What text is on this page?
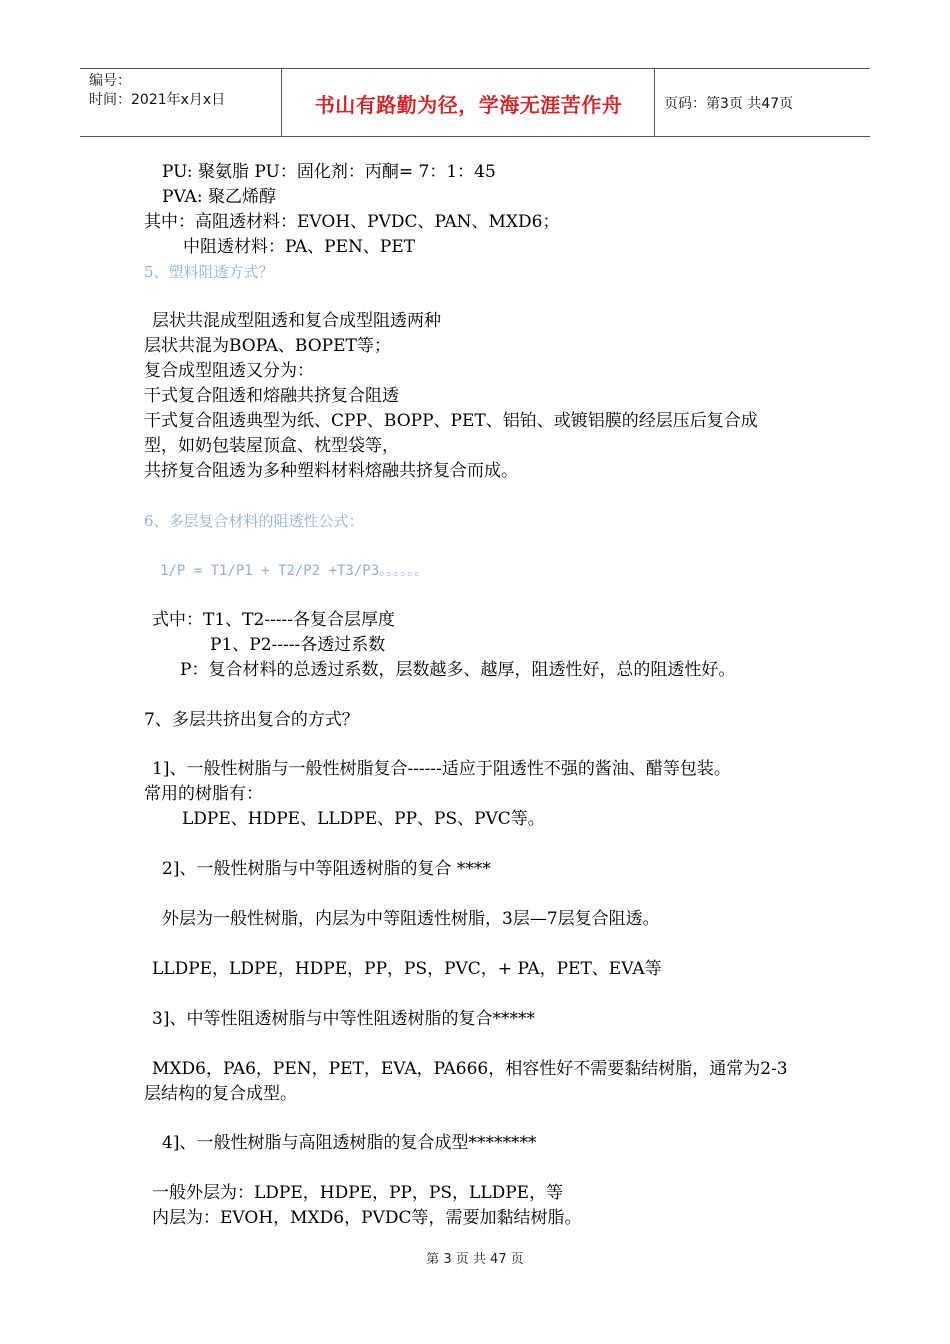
编号：
时间：2021年x月x日	书山有路勤为径，学海无涯苦作舟	页码：第3页 共47页
PU: 聚氨脂 PU：固化剂：丙酮= 7：1：45
PVA: 聚乙烯醇
其中：高阻透材料：EVOH、PVDC、PAN、MXD6；
中阻透材料：PA、PEN、PET
5、塑料阻透方式？
层状共混成型阻透和复合成型阻透两种
层状共混为BOPA、BOPET等；
复合成型阻透又分为：
干式复合阻透和熔融共挤复合阻透
干式复合阻透典型为纸、CPP、BOPP、PET、铝铂、或镀铝膜的经层压后复合成
型，如奶包装屋顶盒、枕型袋等，
共挤复合阻透为多种塑料材料熔融共挤复合而成。
6、多层复合材料的阻透性公式：
1/P = T1/P1 + T2/P2 +T3/P3。。。。。。
式中：T1、T2-----各复合层厚度
P1、P2-----各透过系数
P：复合材料的总透过系数，层数越多、越厚，阻透性好，总的阻透性好。
7、多层共挤出复合的方式？
1]、一般性树脂与一般性树脂复合------适应于阻透性不强的酱油、醋等包装。
常用的树脂有：
LDPE、HDPE、LLDPE、PP、PS、PVC等。
2]、一般性树脂与中等阻透树脂的复合 ****
外层为一般性树脂，内层为中等阻透性树脂，3层—7层复合阻透。
LLDPE，LDPE，HDPE，PP，PS，PVC，+ PA，PET、EVA等
3]、中等性阻透树脂与中等性阻透树脂的复合*****
MXD6，PA6，PEN，PET，EVA，PA666，相容性好不需要黏结树脂，通常为2-3
层结构的复合成型。
4]、一般性树脂与高阻透树脂的复合成型********
一般外层为：LDPE，HDPE，PP，PS，LLDPE，等
内层为：EVOH，MXD6，PVDC等，需要加黏结树脂。
第 3 页 共 47 页
